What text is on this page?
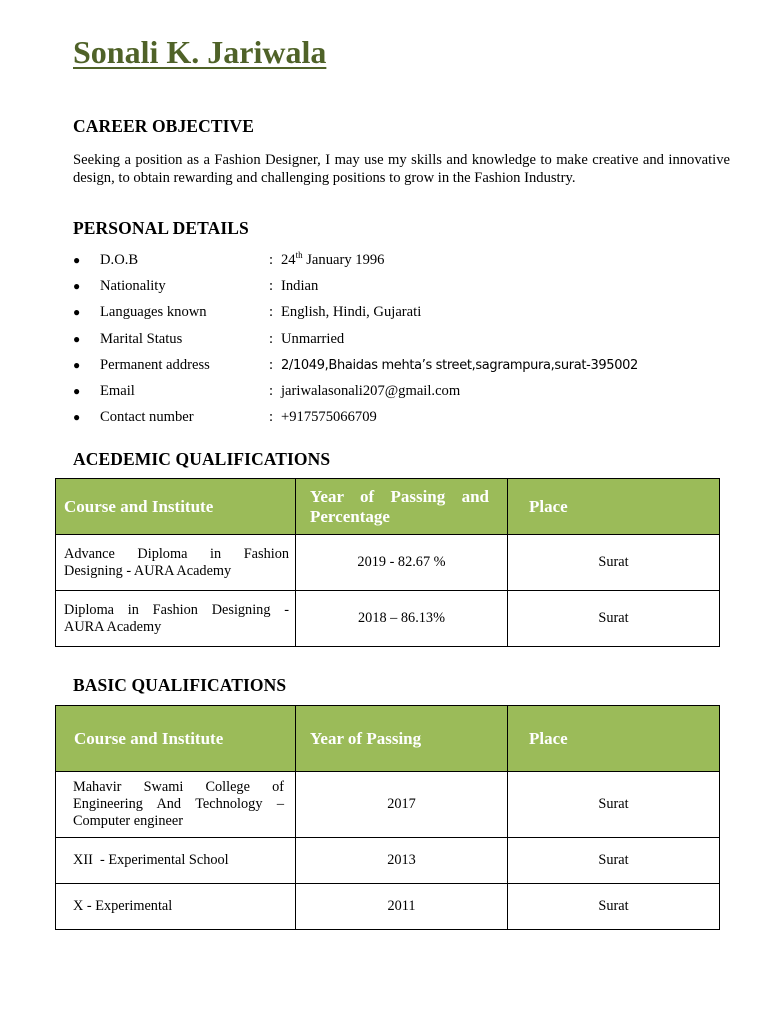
Sonali K. Jariwala
CAREER OBJECTIVE

Seeking a position as a Fashion Designer, I may use my skills and knowledge to make creative and innovative design, to obtain rewarding and challenging positions to grow in the Fashion Industry.

PERSONAL DETAILS
●	D.O.B	: 24th January 1996
●	Nationality	: Indian
●	Languages known	: English, Hindi, Gujarati
●	Marital Status	: Unmarried
●	Permanent address	: 2/1049,Bhaidas mehta’s street,sagrampura,surat-395002
●	Email	: jariwalasonali207@gmail.com
●	Contact number	: +917575066709
ACEDEMIC QUALIFICATIONS
Course and Institute	Year of Passing and Percentage	Place
Advance Diploma in Fashion Designing - AURA Academy	2019 - 82.67 %	Surat
Diploma in Fashion Designing - AURA Academy	2018 – 86.13%	Surat
BASIC QUALIFICATIONS
Course and Institute	Year of Passing	Place
Mahavir Swami College of Engineering And Technology – Computer engineer	2017	Surat
XII  - Experimental School	2013	Surat
X - Experimental	2011	Surat
